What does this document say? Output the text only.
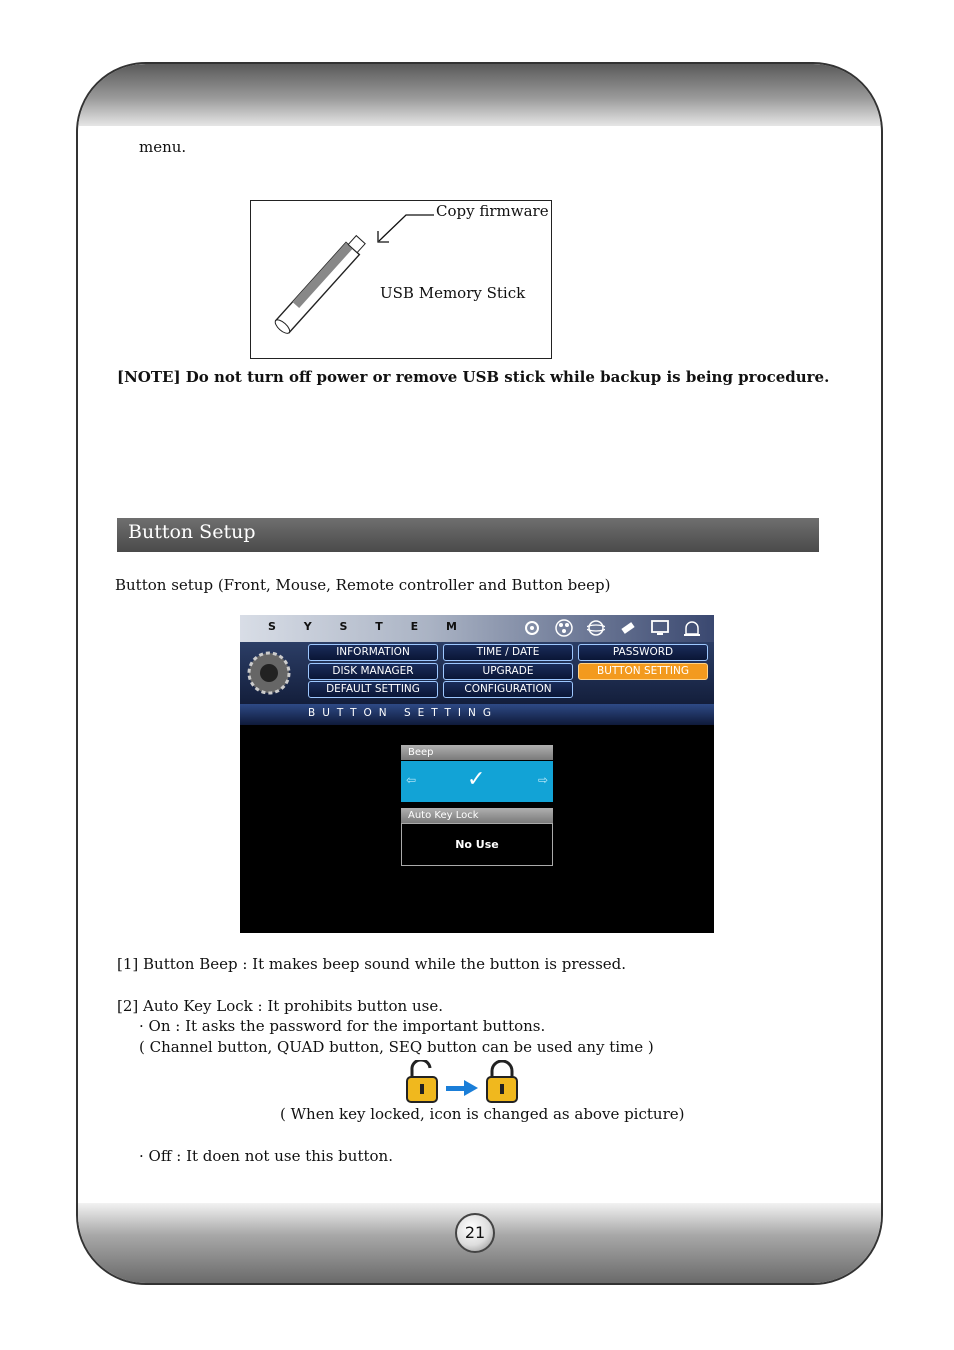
menu.
Copy firmware
USB Memory Stick
[NOTE] Do not turn off power or remove USB stick while backup is being procedure.
Button Setup
Button setup (Front, Mouse, Remote controller and Button beep)
S Y S T E M
INFORMATION	TIME / DATE	PASSWORD
DISK MANAGER	UPGRADE	BUTTON SETTING
DEFAULT SETTING	CONFIGURATION
BUTTON SETTING
Beep
⇦ ✓	⇨
Auto Key Lock
No Use
[1] Button Beep : It makes beep sound while the button is pressed.
[2] Auto Key Lock : It prohibits button use.
· On : It asks the password for the important buttons.
( Channel button, QUAD button, SEQ button can be used any time )
( When key locked, icon is changed as above picture)
· Off : It doen not use this button.
21
